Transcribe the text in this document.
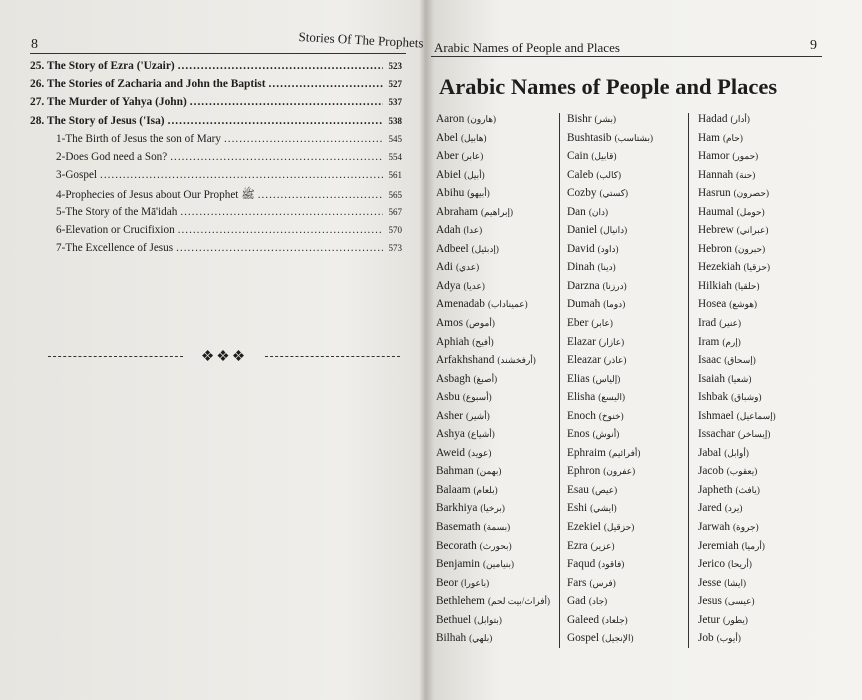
8	Stories Of The Prophets
25. The Story of Ezra ('Uzair) .....	523
26. The Stories of Zacharia and John the Baptist .....	527
27. The Murder of Yahya (John) .....	537
28. The Story of Jesus ('Isa) .....	538
1-The Birth of Jesus the son of Mary .....	545
2-Does God need a Son? .....	554
3-Gospel .....	561
4-Prophecies of Jesus about Our Prophet ﷺ .....	565
5-The Story of the Mā'idah .....	567
6-Elevation or Crucifixion .....	570
7-The Excellence of Jesus .....	573
❖❖❖
Arabic Names of People and Places	9
Arabic Names of People and Places
Aaron (هارون)
Abel (هابيل)
Aber (عابر)
Abiel (أبيل)
Abihu (أبيهو)
Abraham (إبراهيم)
Adah (عدا)
Adbeel (إدبئيل)
Adi (عدي)
Adya (عديا)
Amenadab (عميناداب)
Amos (أموص)
Aphiah (أفيح)
Arfakhshand (أرفخشند)
Asbagh (أصبغ)
Asbu (أسبوع)
Asher (أشير)
Ashya (أشياع)
Aweid (عويد)
Bahman (بهمن)
Balaam (بلعام)
Barkhiya (برخيا)
Basemath (بسمة)
Becorath (بحورث)
Benjamin (بنيامين)
Beor (باعورا)
Bethlehem (أفراث/بيت لحم)
Bethuel (بتوابل)
Bilhah (بلهي)
Bishr (بشر)
Bushtasib (بشتاسب)
Cain (قابيل)
Caleb (كالب)
Cozby (كستي)
Dan (دان)
Daniel (دانيال)
David (داود)
Dinah (دينا)
Darzna (درزنا)
Dumah (دوما)
Eber (عابر)
Elazar (عازار)
Eleazar (عاذر)
Elias (إلياس)
Elisha (اليسع)
Enoch (خنوخ)
Enos (أنوش)
Ephraim (أفرائيم)
Ephron (عفرون)
Esau (عيص)
Eshi (ايشي)
Ezekiel (حزقيل)
Ezra (عزير)
Faqud (فاقود)
Fars (فرس)
Gad (جاد)
Galeed (جلعاد)
Gospel (الإنجيل)
Hadad (أدار)
Ham (حام)
Hamor (حمور)
Hannah (حنة)
Hasrun (حصرون)
Haumal (حومل)
Hebrew (عبراني)
Hebron (حبرون)
Hezekiah (حزقيا)
Hilkiah (حلقيا)
Hosea (هوشع)
Irad (عنير)
Iram (إرم)
Isaac (إسحاق)
Isaiah (شعيا)
Ishbak (وشباق)
Ishmael (إسماعيل)
Issachar (إيساخر)
Jabal (أوابل)
Jacob (يعقوب)
Japheth (يافث)
Jared (يرد)
Jarwah (جروة)
Jeremiah (أرميا)
Jerico (أريحا)
Jesse (ايشا)
Jesus (عيسى)
Jetur (يطور)
Job (أيوب)
